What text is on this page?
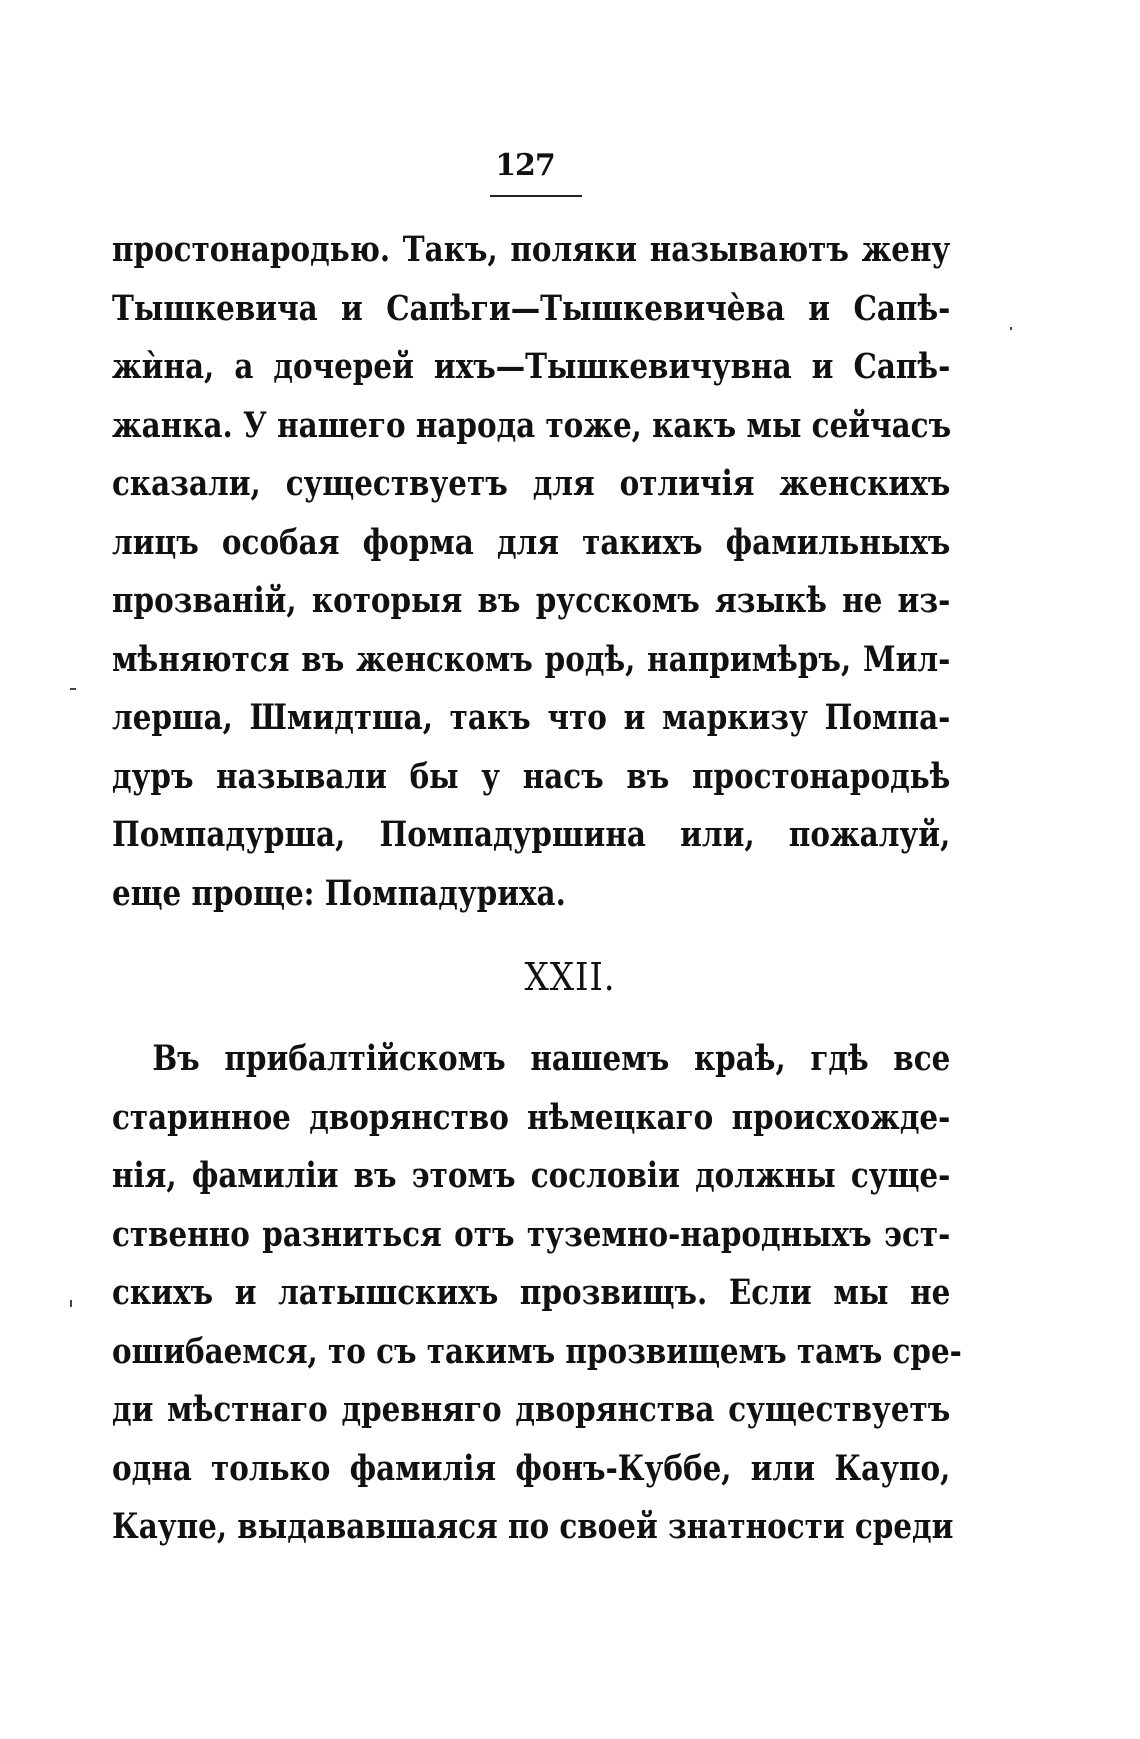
127
простонародью. Такъ, поляки называютъ жену
Тышкевича и Сапѣги—Тышкевичѐва и Сапѣ-
жѝна, а дочерей ихъ—Тышкевичувна и Сапѣ-
жанка. У нашего народа тоже, какъ мы сейчасъ
сказали, существуетъ для отличія женскихъ
лицъ особая форма для такихъ фамильныхъ
прозваній, которыя въ русскомъ языкѣ не из-
мѣняются въ женскомъ родѣ, напримѣръ, Мил-
лерша, Шмидтша, такъ что и маркизу Помпа-
дуръ называли бы у насъ въ простонародьѣ
Помпадурша, Помпадуршина или, пожалуй,
еще проще: Помпадуриха.
XXII.
Въ прибалтійскомъ нашемъ краѣ, гдѣ все
старинное дворянство нѣмецкаго происхожде-
нія, фамиліи въ этомъ сословіи должны суще-
ственно разниться отъ туземно-народныхъ эст-
скихъ и латышскихъ прозвищъ. Если мы не
ошибаемся, то съ такимъ прозвищемъ тамъ сре-
ди мѣстнаго древняго дворянства существуетъ
одна только фамилія фонъ-Куббе, или Каупо,
Каупе, выдававшаяся по своей знатности среди
